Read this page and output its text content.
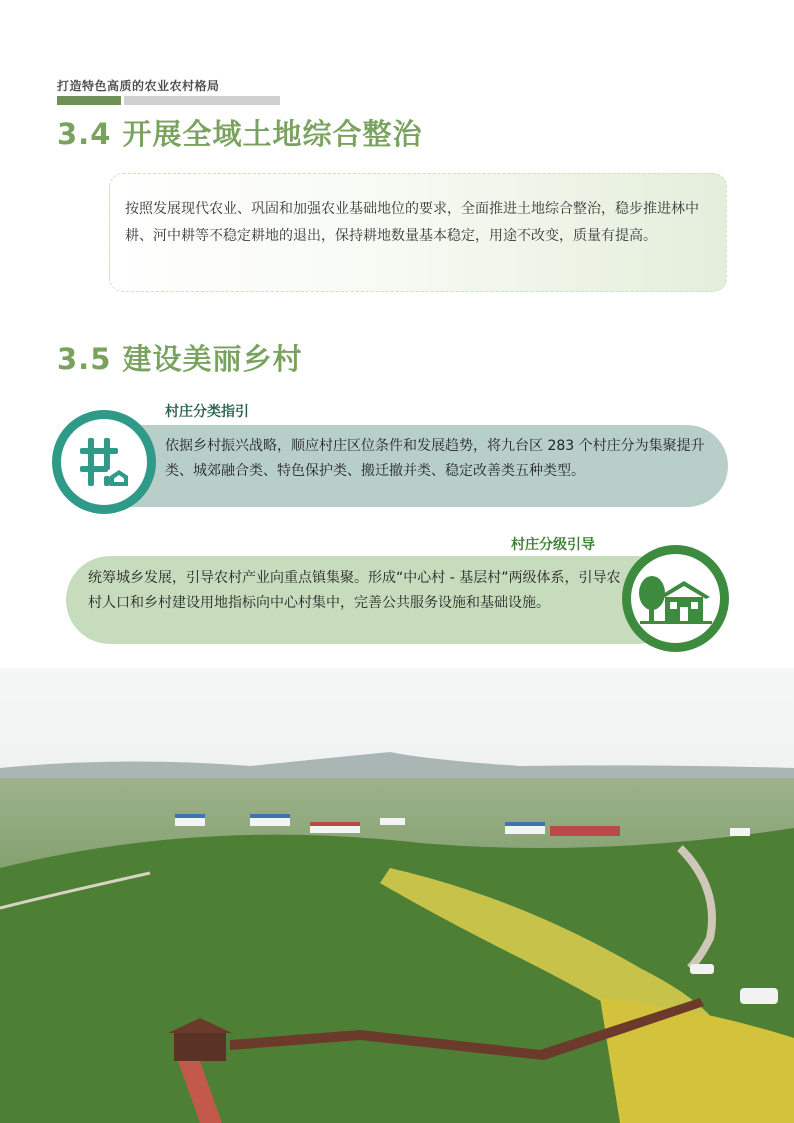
打造特色高质的农业农村格局
3.4 开展全域土地综合整治
按照发展现代农业、巩固和加强农业基础地位的要求，全面推进土地综合整治，稳步推进林中耕、河中耕等不稳定耕地的退出，保持耕地数量基本稳定，用途不改变，质量有提高。
3.5 建设美丽乡村
村庄分类指引
依据乡村振兴战略，顺应村庄区位条件和发展趋势，将九台区 283 个村庄分为集聚提升类、城郊融合类、特色保护类、搬迁撤并类、稳定改善类五种类型。
村庄分级引导
统筹城乡发展，引导农村产业向重点镇集聚。形成“中心村 - 基层村”两级体系，引导农村人口和乡村建设用地指标向中心村集中，完善公共服务设施和基础设施。
